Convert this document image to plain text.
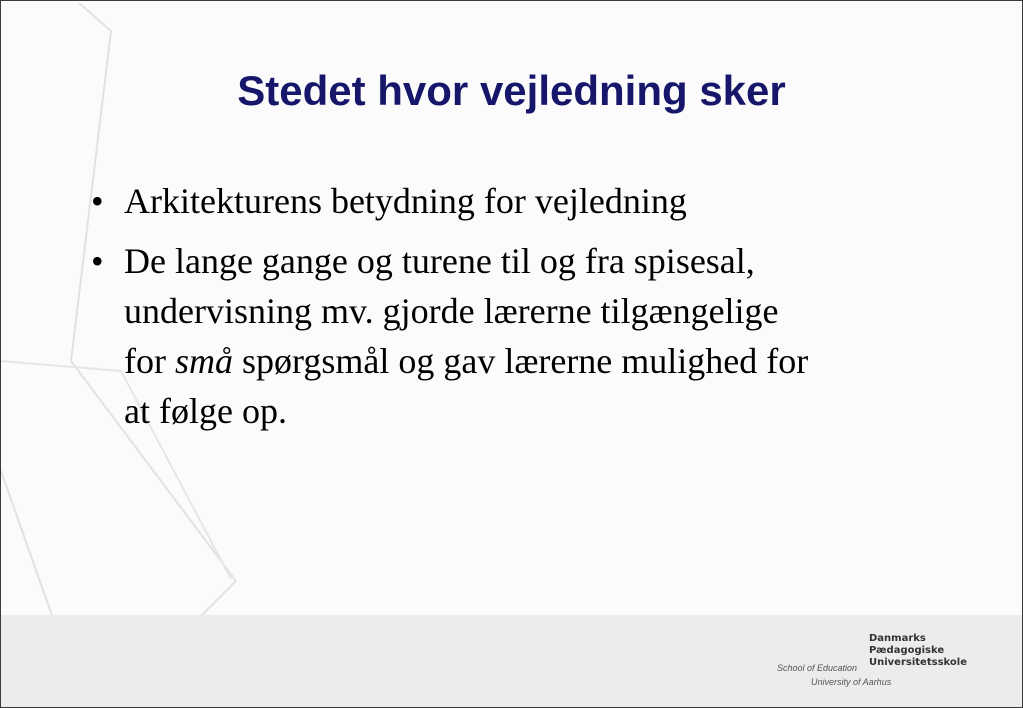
Stedet hvor vejledning sker
• Arkitekturens betydning for vejledning
• De lange gange og turene til og fra spisesal,
undervisning mv. gjorde lærerne tilgængelige
for små spørgsmål og gav lærerne mulighed for
at følge op.
School of Education
Danmarks
Pædagogiske
Universitetsskole
University of Aarhus
